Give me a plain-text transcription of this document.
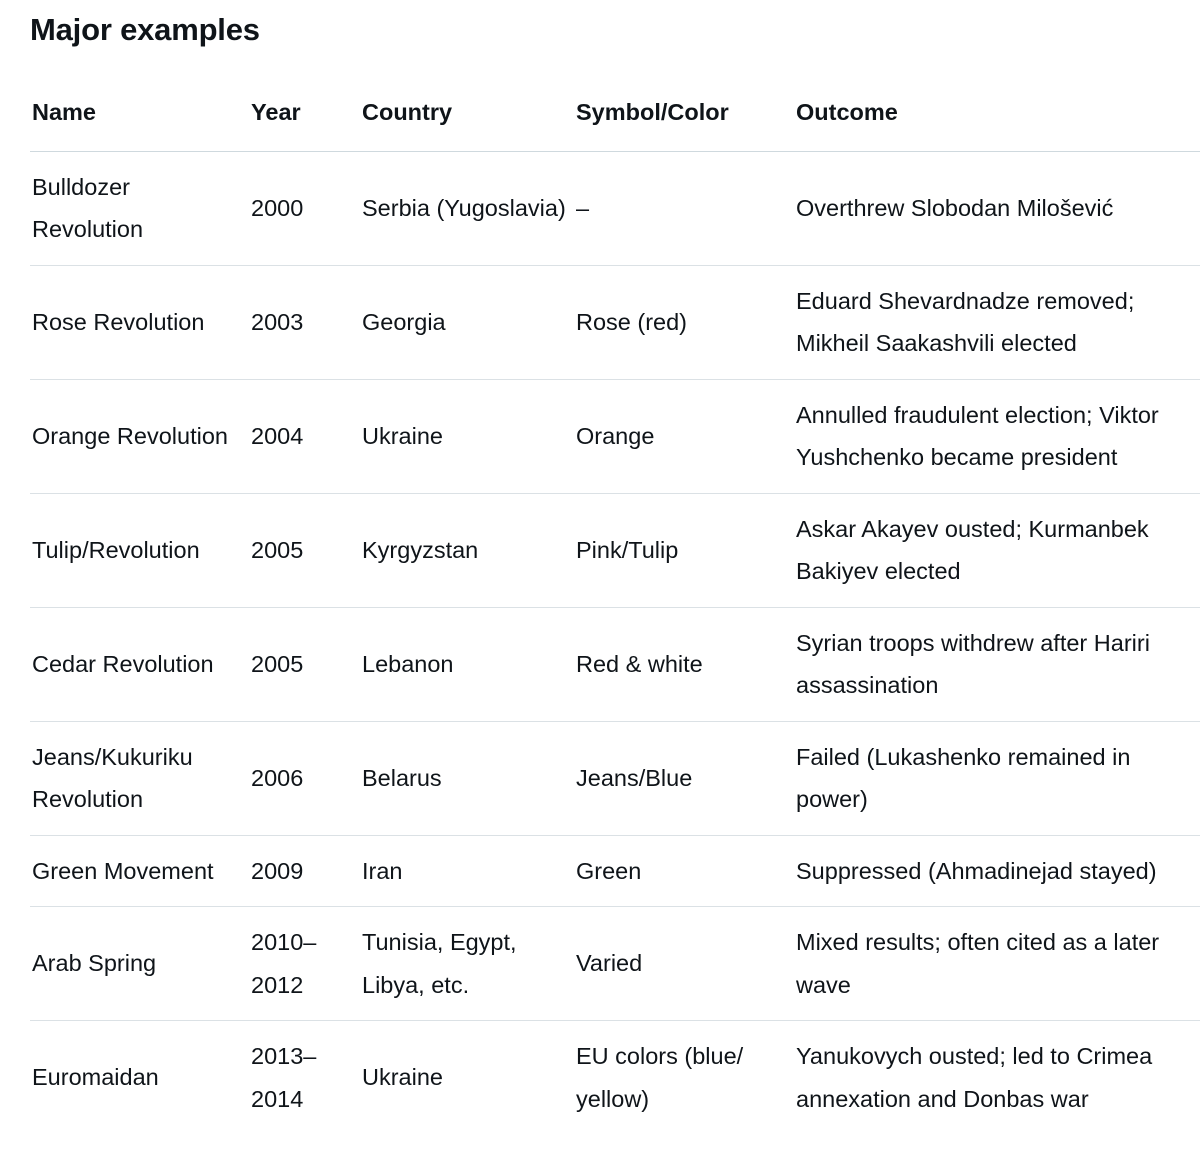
Major examples
Name	Year	Country	Symbol/Color	Outcome
Bulldozer Revolution	2000	Serbia (Yugoslavia)	–	Overthrew Slobodan Milošević
Rose Revolution	2003	Georgia	Rose (red)	Eduard Shevardnadze removed; Mikheil Saakashvili elected
Orange Revolution	2004	Ukraine	Orange	Annulled fraudulent election; Viktor Yushchenko became president
Tulip/Revolution	2005	Kyrgyzstan	Pink/Tulip	Askar Akayev ousted; Kurmanbek Bakiyev elected
Cedar Revolution	2005	Lebanon	Red & white	Syrian troops withdrew after Hariri assassination
Jeans/Kukuriku Revolution	2006	Belarus	Jeans/Blue	Failed (Lukashenko remained in power)
Green Movement	2009	Iran	Green	Suppressed (Ahmadinejad stayed)
Arab Spring	2010–2012	Tunisia, Egypt, Libya, etc.	Varied	Mixed results; often cited as a later wave
Euromaidan	2013–2014	Ukraine	EU colors (blue/ yellow)	Yanukovych ousted; led to Crimea annexation and Donbas war
